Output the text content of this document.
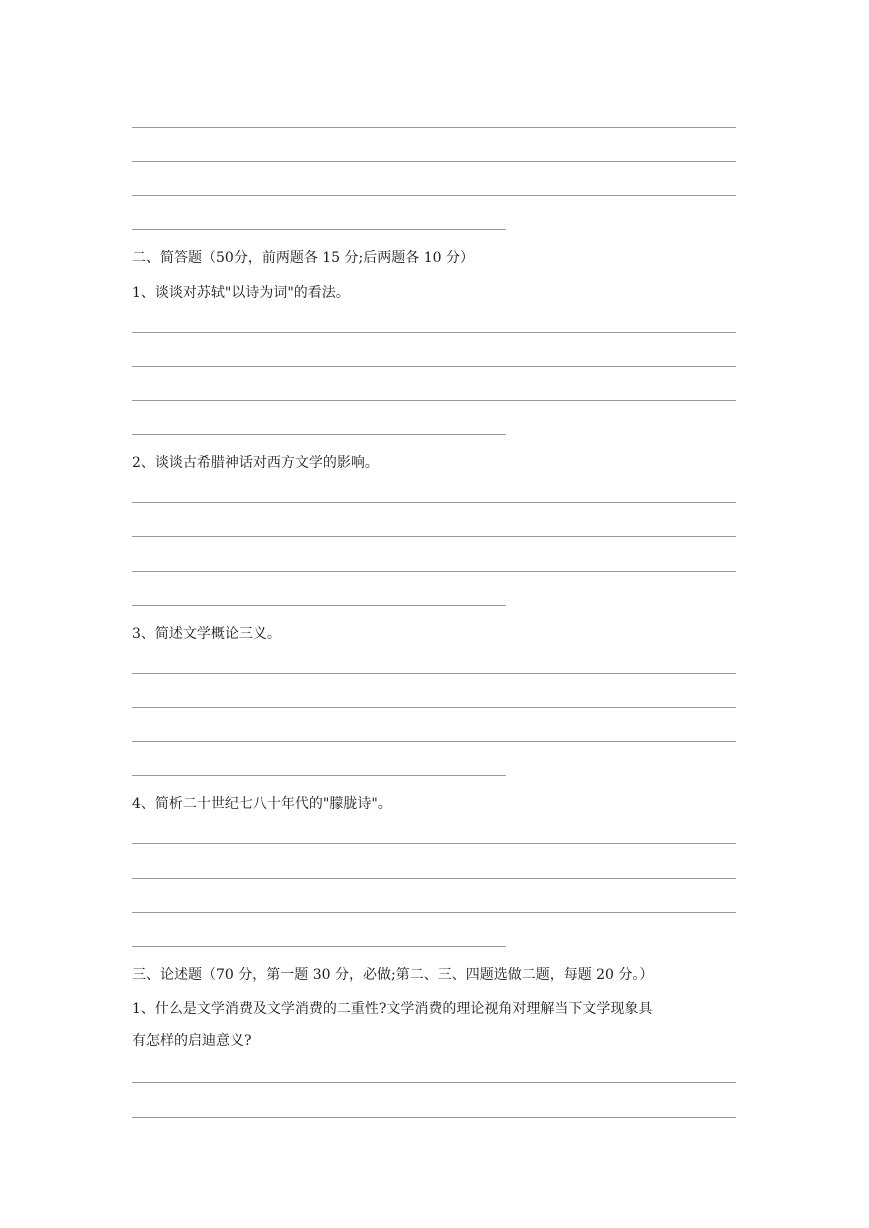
二、简答题（50分，前两题各 15 分;后两题各 10 分）
1、谈谈对苏轼"以诗为词"的看法。
2、谈谈古希腊神话对西方文学的影响。
3、简述文学概论三义。
4、简析二十世纪七八十年代的"朦胧诗"。
三、论述题（70 分，第一题 30 分，必做;第二、三、四题选做二题，每题 20 分。）
1、什么是文学消费及文学消费的二重性?文学消费的理论视角对理解当下文学现象具
有怎样的启迪意义?
